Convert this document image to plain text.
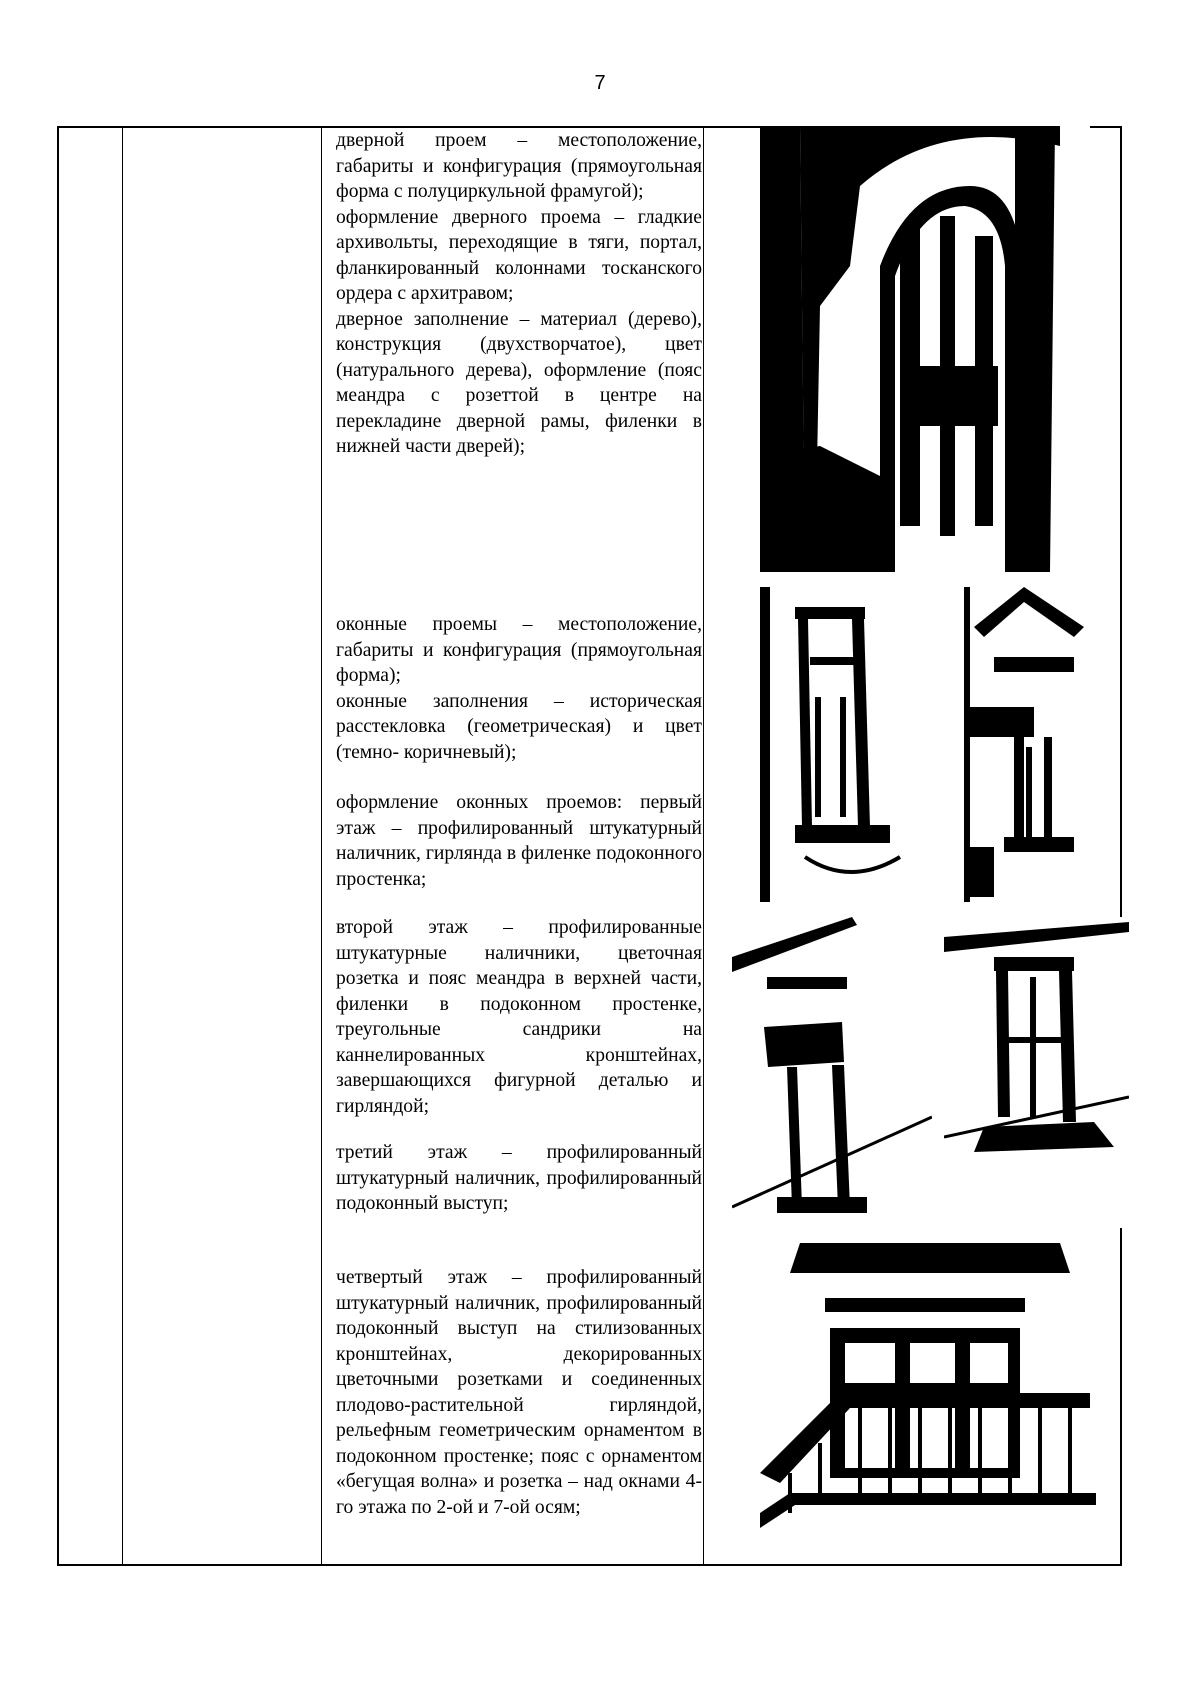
7

дверной проем – местоположение, габариты и конфигурация (прямоугольная форма с полуциркульной фрамугой);

оформление дверного проема – гладкие архивольты, переходящие в тяги, портал, фланкированный колоннами тосканского ордера с архитравом;

дверное заполнение – материал (дерево), конструкция (двухстворчатое), цвет (натурального дерева), оформление (пояс меандра с розеттой в центре на перекладине дверной рамы, филенки в нижней части дверей);

оконные проемы – местоположение, габариты и конфигурация (прямоугольная форма);

оконные заполнения – историческая расстекловка (геометрическая) и цвет (темно- коричневый);

оформление оконных проемов: первый этаж – профилированный штукатурный наличник, гирлянда в филенке подоконного простенка;

второй этаж – профилированные штукатурные наличники, цветочная розетка и пояс меандра в верхней части, филенки в подоконном простенке, треугольные сандрики на каннелированных кронштейнах, завершающихся фигурной деталью и гирляндой;

третий этаж – профилированный штукатурный наличник, профилированный подоконный выступ;

четвертый этаж – профилированный штукатурный наличник, профилированный подоконный выступ на стилизованных кронштейнах, декорированных цветочными розетками и соединенных плодово-растительной гирляндой, рельефным геометрическим орнаментом в подоконном простенке; пояс с орнаментом «бегущая волна» и розетка – над окнами 4-го этажа по 2-ой и 7-ой осям;
